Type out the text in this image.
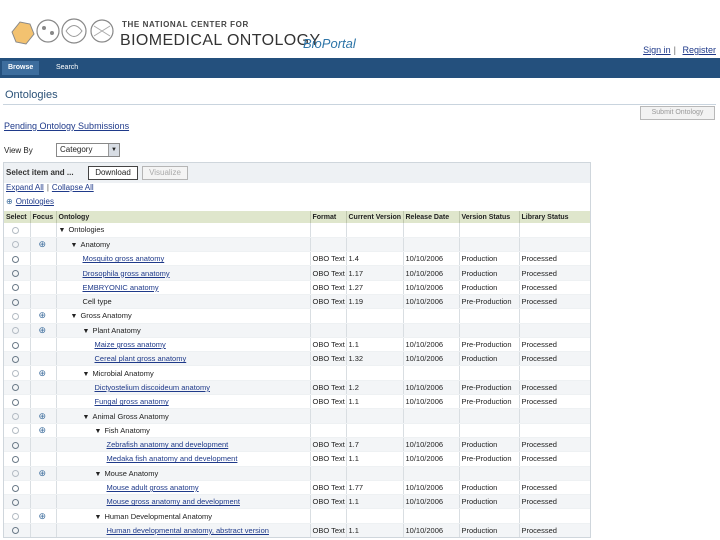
THE NATIONAL CENTER FOR
BIOMEDICAL ONTOLOGY
BioPortal	Sign in | Register
Browse	Search
Ontologies
Submit Ontology
Pending Ontology Submissions
View By	Category	▼
Select item and ...	Download	Visualize
Expand All | Collapse All
⊕ Ontologies
Select	Focus	Ontology	Format	Current Version	Release Date	Version Status	Library Status
		▼ Ontologies					
	⊕	▼ Anatomy					
		Mosquito gross anatomy	OBO Text	1.4	10/10/2006	Production	Processed
		Drosophila gross anatomy	OBO Text	1.17	10/10/2006	Production	Processed
		EMBRYONIC anatomy	OBO Text	1.27	10/10/2006	Production	Processed
		Cell type	OBO Text	1.19	10/10/2006	Pre-Production	Processed
	⊕	▼ Gross Anatomy					
	⊕	▼ Plant Anatomy					
		Maize gross anatomy	OBO Text	1.1	10/10/2006	Pre-Production	Processed
		Cereal plant gross anatomy	OBO Text	1.32	10/10/2006	Production	Processed
	⊕	▼ Microbial Anatomy					
		Dictyostelium discoideum anatomy	OBO Text	1.2	10/10/2006	Pre-Production	Processed
		Fungal gross anatomy	OBO Text	1.1	10/10/2006	Pre-Production	Processed
	⊕	▼ Animal Gross Anatomy					
	⊕	▼ Fish Anatomy					
		Zebrafish anatomy and development	OBO Text	1.7	10/10/2006	Production	Processed
		Medaka fish anatomy and development	OBO Text	1.1	10/10/2006	Pre-Production	Processed
	⊕	▼ Mouse Anatomy					
		Mouse adult gross anatomy	OBO Text	1.77	10/10/2006	Production	Processed
		Mouse gross anatomy and development	OBO Text	1.1	10/10/2006	Production	Processed
	⊕	▼ Human Developmental Anatomy					
		Human developmental anatomy, abstract version	OBO Text	1.1	10/10/2006	Production	Processed
